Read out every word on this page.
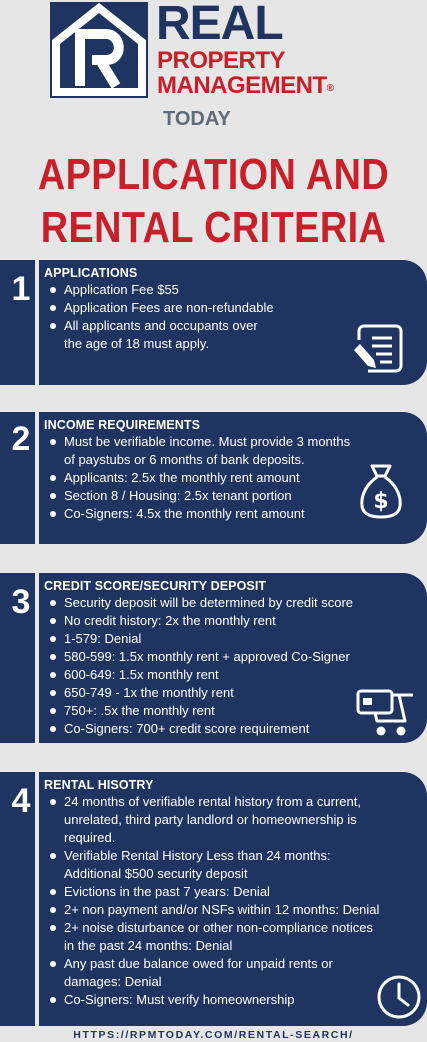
REAL
PROPERTY
MANAGEMENT®
TODAY
APPLICATION AND
RENTAL CRITERIA
1 APPLICATIONS
Application Fee $55
Application Fees are non-refundable
All applicants and occupants over the age of 18 must apply.
2 INCOME REQUIREMENTS
Must be verifiable income. Must provide 3 months of paystubs or 6 months of bank deposits.
Applicants: 2.5x the monthly rent amount
Section 8 / Housing: 2.5x tenant portion
Co-Signers: 4.5x the monthly rent amount	$
3 CREDIT SCORE/SECURITY DEPOSIT
Security deposit will be determined by credit score
No credit history: 2x the monthly rent
1-579: Denial
580-599: 1.5x monthly rent + approved Co-Signer
600-649: 1.5x monthly rent
650-749 - 1x the monthly rent
750+: .5x the monthly rent
Co-Signers: 700+ credit score requirement
4 RENTAL HISOTRY
24 months of verifiable rental history from a current, unrelated, third party landlord or homeownership is required.
Verifiable Rental History Less than 24 months: Additional $500 security deposit
Evictions in the past 7 years: Denial
2+ non payment and/or NSFs within 12 months: Denial
2+ noise disturbance or other non-compliance notices in the past 24 months: Denial
Any past due balance owed for unpaid rents or damages: Denial
Co-Signers: Must verify homeownership
HTTPS://RPMTODAY.COM/RENTAL-SEARCH/
